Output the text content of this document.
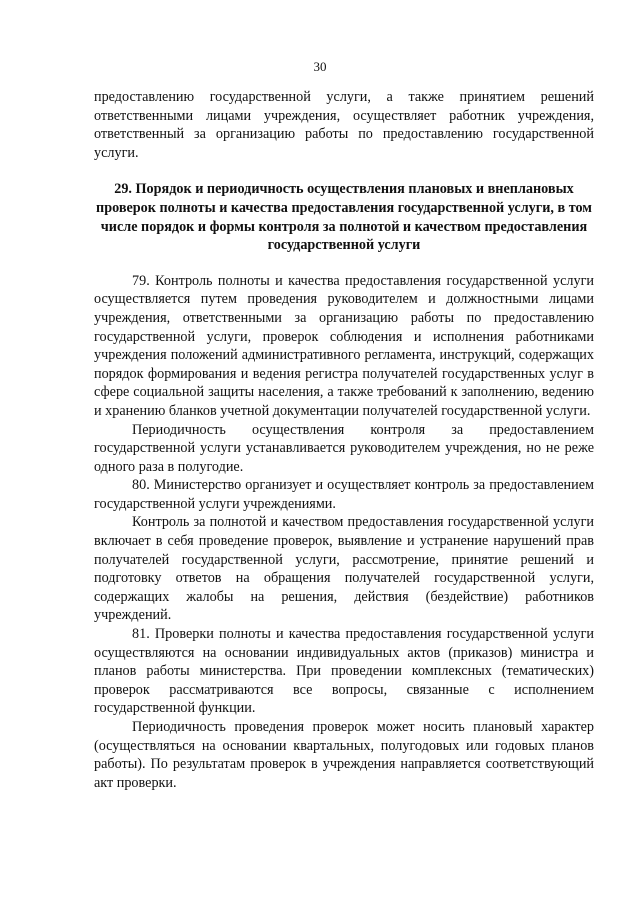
30

предоставлению государственной услуги, а также принятием решений ответственными лицами учреждения, осуществляет работник учреждения, ответственный за организацию работы по предоставлению государственной услуги.

29. Порядок и периодичность осуществления плановых и внеплановых проверок полноты и качества предоставления государственной услуги, в том числе порядок и формы контроля за полнотой и качеством предоставления государственной услуги

79. Контроль полноты и качества предоставления государственной услуги осуществляется путем проведения руководителем и должностными лицами учреждения, ответственными за организацию работы по предоставлению государственной услуги, проверок соблюдения и исполнения работниками учреждения положений административного регламента, инструкций, содержащих порядок формирования и ведения регистра получателей государственных услуг в сфере социальной защиты населения, а также требований к заполнению, ведению и хранению бланков учетной документации получателей государственной услуги.

Периодичность осуществления контроля за предоставлением государственной услуги устанавливается руководителем учреждения, но не реже одного раза в полугодие.

80. Министерство организует и осуществляет контроль за предоставлением государственной услуги учреждениями.

Контроль за полнотой и качеством предоставления государственной услуги включает в себя проведение проверок, выявление и устранение нарушений прав получателей государственной услуги, рассмотрение, принятие решений и подготовку ответов на обращения получателей государственной услуги, содержащих жалобы на решения, действия (бездействие) работников учреждений.

81. Проверки полноты и качества предоставления государственной услуги осуществляются на основании индивидуальных актов (приказов) министра и планов работы министерства. При проведении комплексных (тематических) проверок рассматриваются все вопросы, связанные с исполнением государственной функции.

Периодичность проведения проверок может носить плановый характер (осуществляться на основании квартальных, полугодовых или годовых планов работы). По результатам проверок в учреждения направляется соответствующий акт проверки.
